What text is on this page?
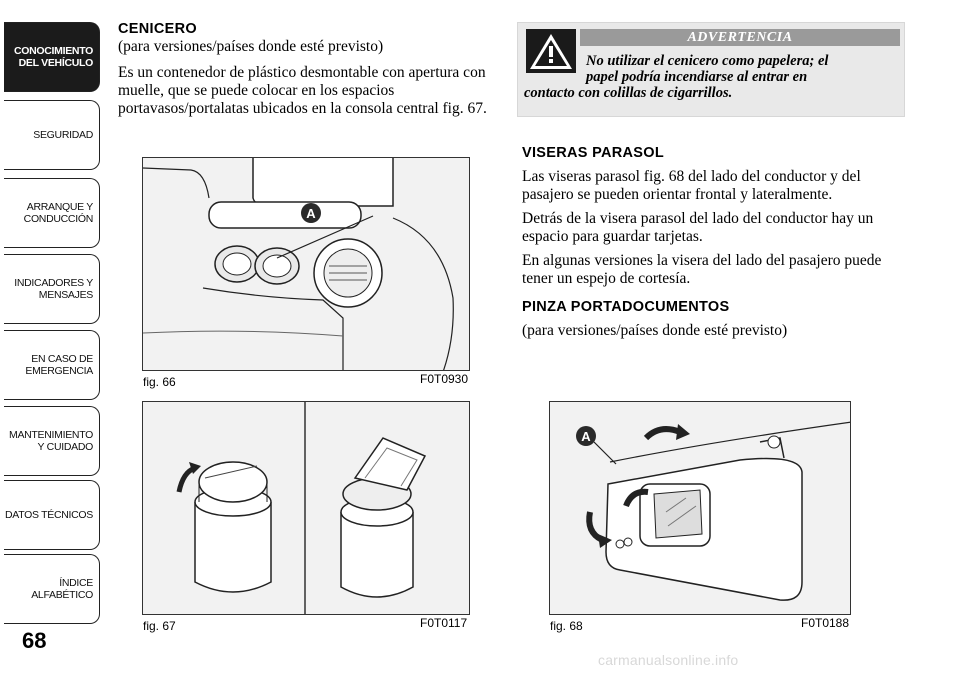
CONOCIMIENTO DEL VEHÍCULO
SEGURIDAD
ARRANQUE Y CONDUCCIÓN
INDICADORES Y MENSAJES
EN CASO DE EMERGENCIA
MANTENIMIENTO Y CUIDADO
DATOS TÉCNICOS
ÍNDICE ALFABÉTICO
68
CENICERO

(para versiones/países donde esté previsto)

Es un contenedor de plástico desmontable con apertura con muelle, que se puede colocar en los espacios portavasos/portalatas ubicados en la consola central fig. 67.

ADVERTENCIA
No utilizar el cenicero como papelera; el
papel podría incendiarse al entrar en
contacto con colillas de cigarrillos.
VISERAS PARASOL

Las viseras parasol fig. 68 del lado del conductor y del pasajero se pueden orientar frontal y lateralmente.

Detrás de la visera parasol del lado del conductor hay un espacio para guardar tarjetas.

En algunas versiones la visera del lado del pasajero puede tener un espejo de cortesía.

PINZA PORTADOCUMENTOS

(para versiones/países donde esté previsto)

A
fig. 66	F0T0930
fig. 67	F0T0117
A
fig. 68	F0T0188
carmanualsonline.info
